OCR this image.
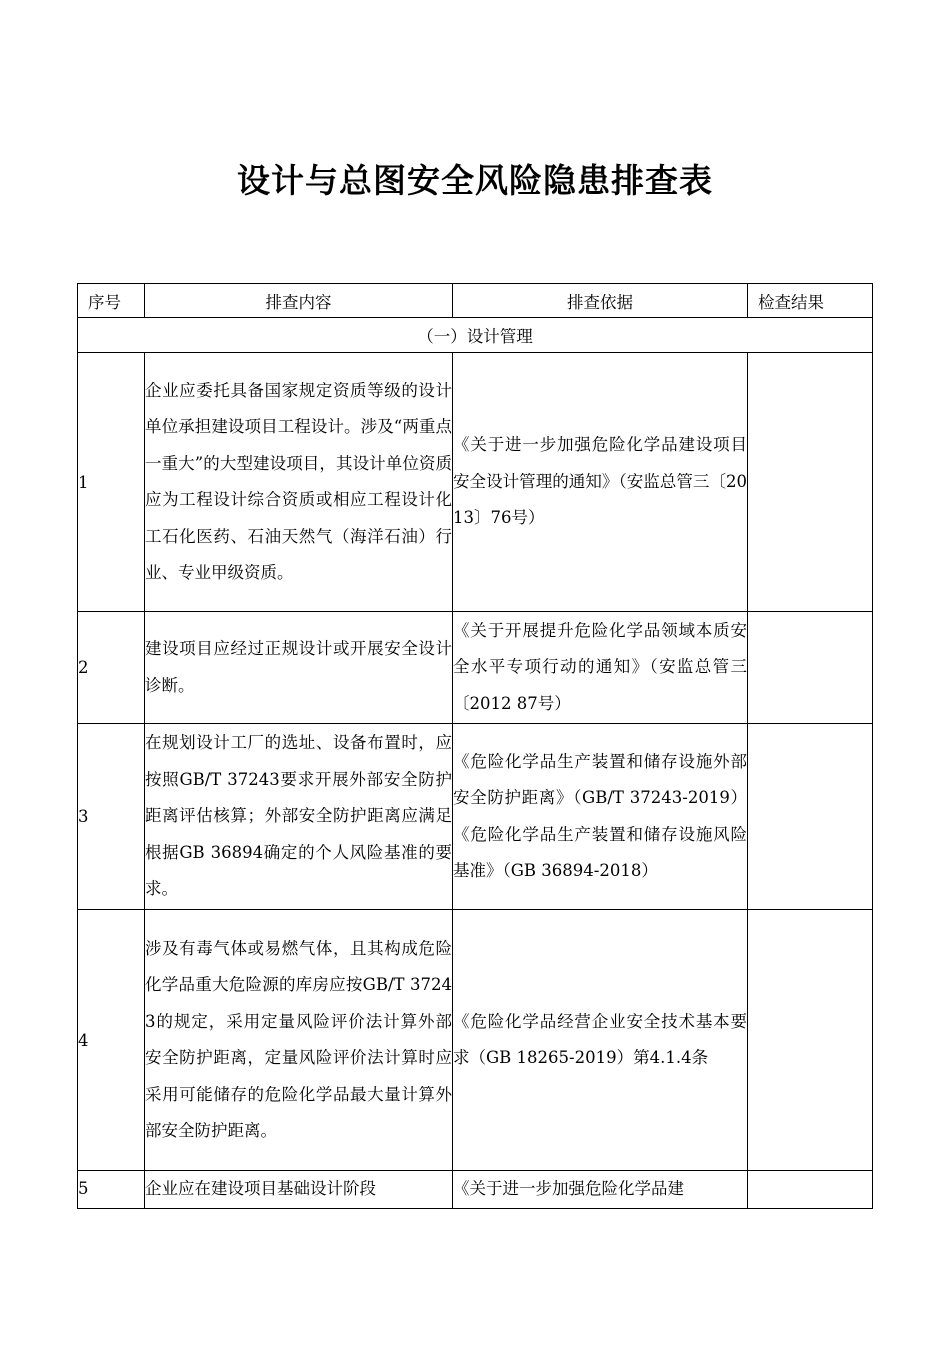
设计与总图安全风险隐患排查表
序号	排查内容	排查依据	检查结果
（一）设计管理			
1	企业应委托具备国家规定资质等级的设计单位承担建设项目工程设计。涉及“两重点一重大”的大型建设项目，其设计单位资质应为工程设计综合资质或相应工程设计化工石化医药、石油天然气（海洋石油）行业、专业甲级资质。	《关于进一步加强危险化学品建设项目安全设计管理的通知》（安监总管三〔2013〕76号）	
2	建设项目应经过正规设计或开展安全设计诊断。	《关于开展提升危险化学品领域本质安全水平专项行动的通知》（安监总管三〔2012 87号）	
3	在规划设计工厂的选址、设备布置时，应按照GB/T 37243要求开展外部安全防护距离评估核算；外部安全防护距离应满足根据GB 36894确定的个人风险基准的要求。	《危险化学品生产装置和储存设施外部安全防护距离》（GB/T 37243-2019）《危险化学品生产装置和储存设施风险基准》（GB 36894-2018）	
4	涉及有毒气体或易燃气体，且其构成危险化学品重大危险源的库房应按GB/T 37243的规定，采用定量风险评价法计算外部安全防护距离，定量风险评价法计算时应采用可能储存的危险化学品最大量计算外部安全防护距离。	《危险化学品经营企业安全技术基本要求（GB 18265-2019）第4.1.4条	
5	企业应在建设项目基础设计阶段	《关于进一步加强危险化学品建	
